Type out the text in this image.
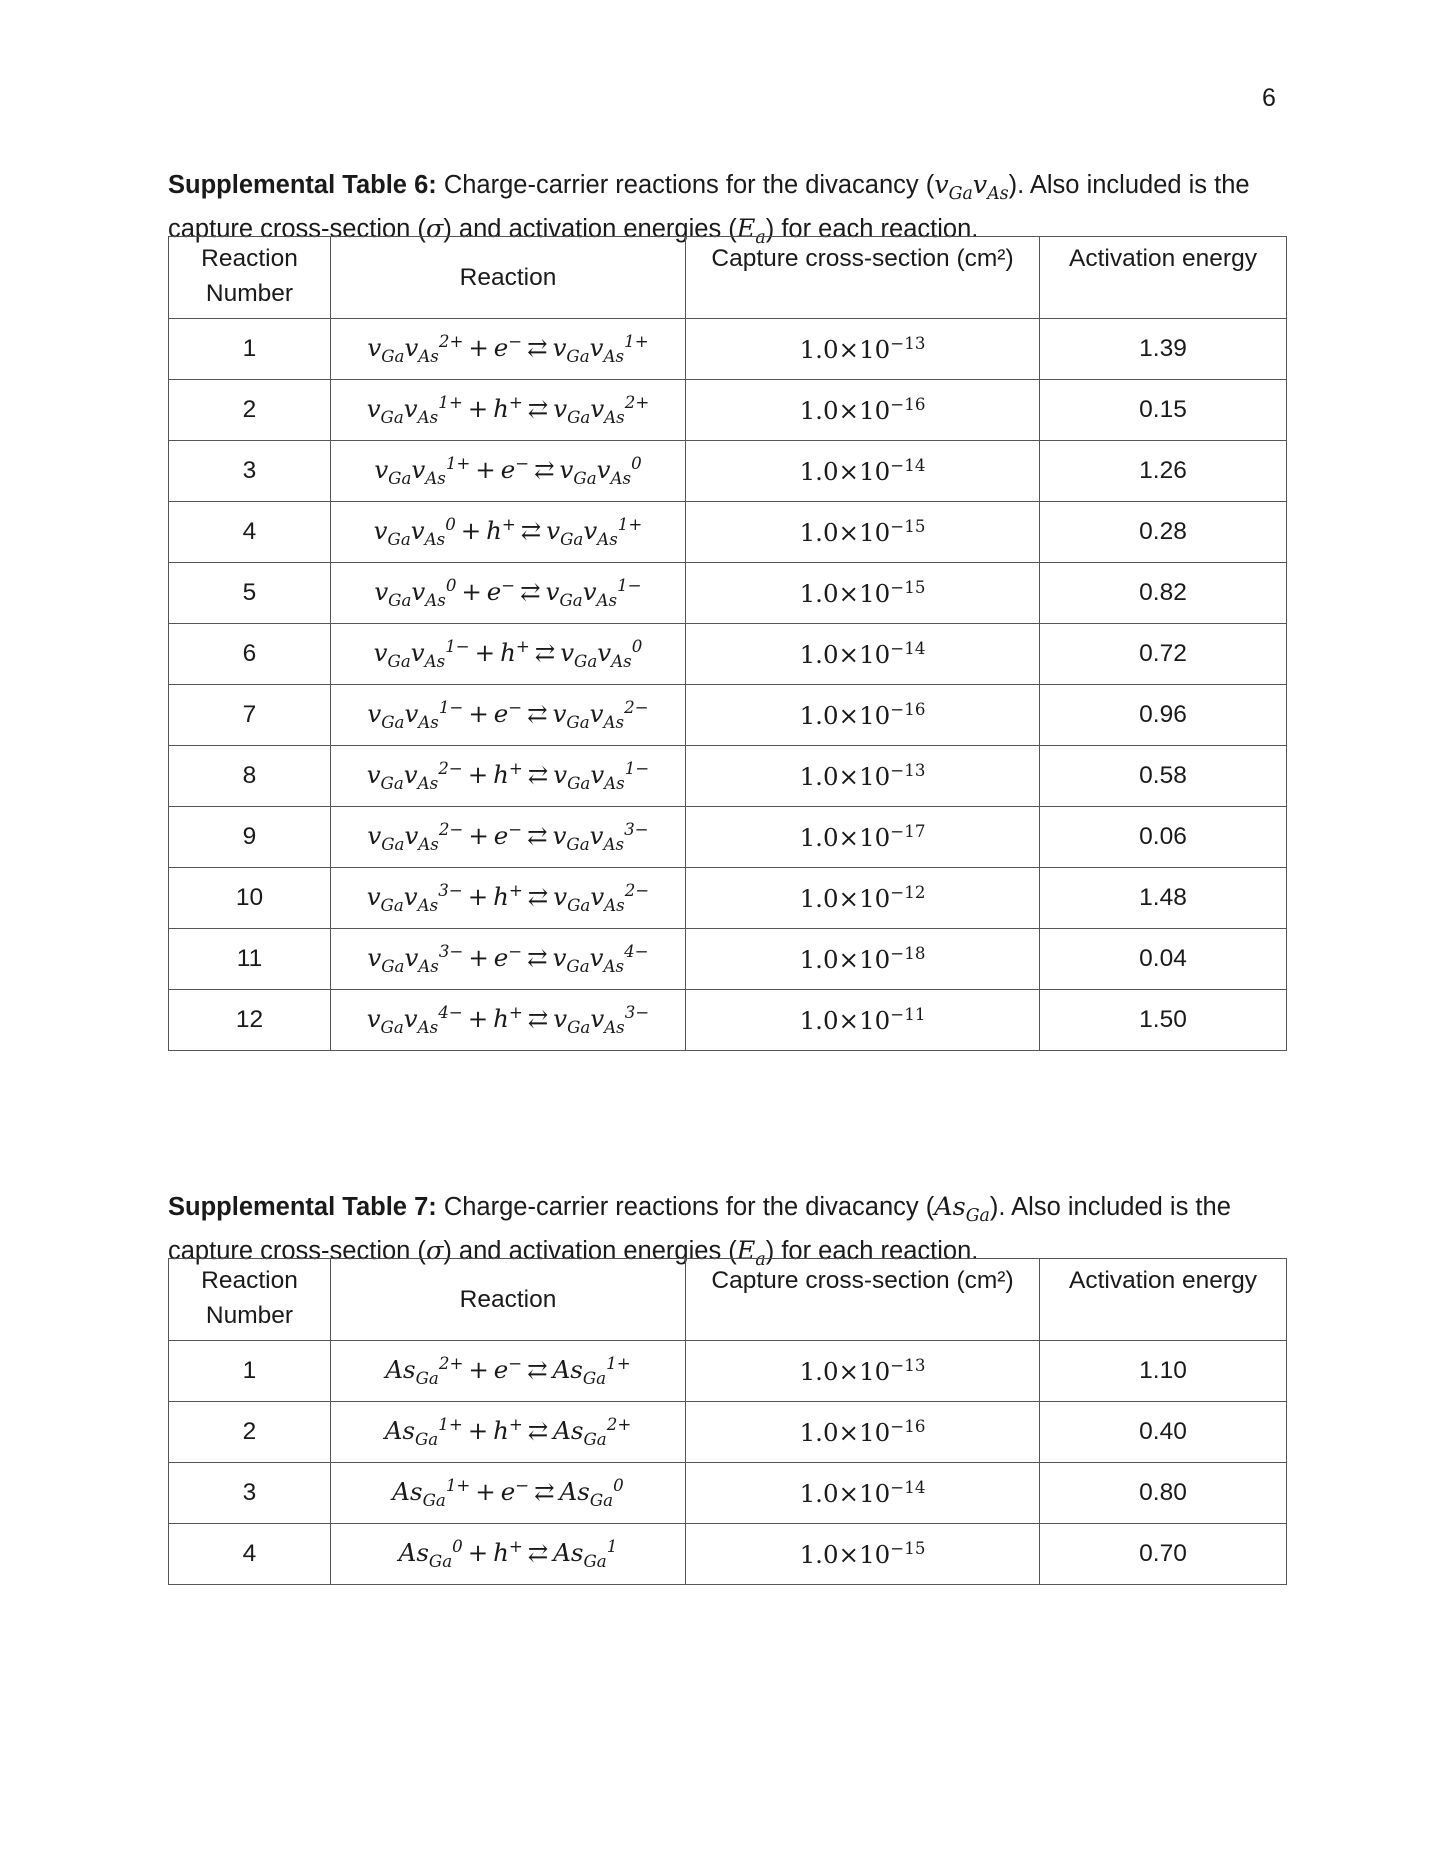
6
Supplemental Table 6: Charge-carrier reactions for the divacancy $(v_{Ga}v_{As})$. Also included is the capture cross-section (σ) and activation energies $(E_a)$ for each reaction.
Reaction Number	Reaction	Capture cross-section (cm²)	Activation energy
1	$v_{Ga}v_{As}^{2+} + e^-$  ⇄  $v_{Ga}v_{As}^{1+}$	$1.0\times 10^{-13}$	1.39
2	$v_{Ga}v_{As}^{1+} + h^+$  ⇄  $v_{Ga}v_{As}^{2+}$	$1.0\times 10^{-16}$	0.15
3	$v_{Ga}v_{As}^{1+} + e^-$  ⇄  $v_{Ga}v_{As}^0$	$1.0\times 10^{-14}$	1.26
4	$v_{Ga}v_{As}^0 + h^+$  ⇄  $v_{Ga}v_{As}^{1+}$	$1.0\times 10^{-15}$	0.28
5	$v_{Ga}v_{As}^0 + e^-$  ⇄  $v_{Ga}v_{As}^{1-}$	$1.0\times 10^{-15}$	0.82
6	$v_{Ga}v_{As}^{1-} + h^+$  ⇄  $v_{Ga}v_{As}^0$	$1.0\times 10^{-14}$	0.72
7	$v_{Ga}v_{As}^{1-} + e^-$  ⇄  $v_{Ga}v_{As}^{2-}$	$1.0\times 10^{-16}$	0.96
8	$v_{Ga}v_{As}^{2-} + h^+$  ⇄  $v_{Ga}v_{As}^{1-}$	$1.0\times 10^{-13}$	0.58
9	$v_{Ga}v_{As}^{2-} + e^-$  ⇄  $v_{Ga}v_{As}^{3-}$	$1.0\times 10^{-17}$	0.06
10	$v_{Ga}v_{As}^{3-} + h^+$  ⇄  $v_{Ga}v_{As}^{2-}$	$1.0\times 10^{-12}$	1.48
11	$v_{Ga}v_{As}^{3-} + e^-$  ⇄  $v_{Ga}v_{As}^{4-}$	$1.0\times 10^{-18}$	0.04
12	$v_{Ga}v_{As}^{4-} + h^+$  ⇄  $v_{Ga}v_{As}^{3-}$	$1.0\times 10^{-11}$	1.50
Supplemental Table 7: Charge-carrier reactions for the divacancy $(As_{Ga})$. Also included is the capture cross-section (σ) and activation energies $(E_a)$ for each reaction.
Reaction Number	Reaction	Capture cross-section (cm²)	Activation energy
1	$As_{Ga}^{2+} + e^-$  ⇄  $As_{Ga}^{1+}$	$1.0\times 10^{-13}$	1.10
2	$As_{Ga}^{1+} + h^+$  ⇄  $As_{Ga}^{2+}$	$1.0\times 10^{-16}$	0.40
3	$As_{Ga}^{1+} + e^-$  ⇄  $As_{Ga}^0$	$1.0\times 10^{-14}$	0.80
4	$As_{Ga}^0 + h^+$  ⇄  $As_{Ga}^1$	$1.0\times 10^{-15}$	0.70
